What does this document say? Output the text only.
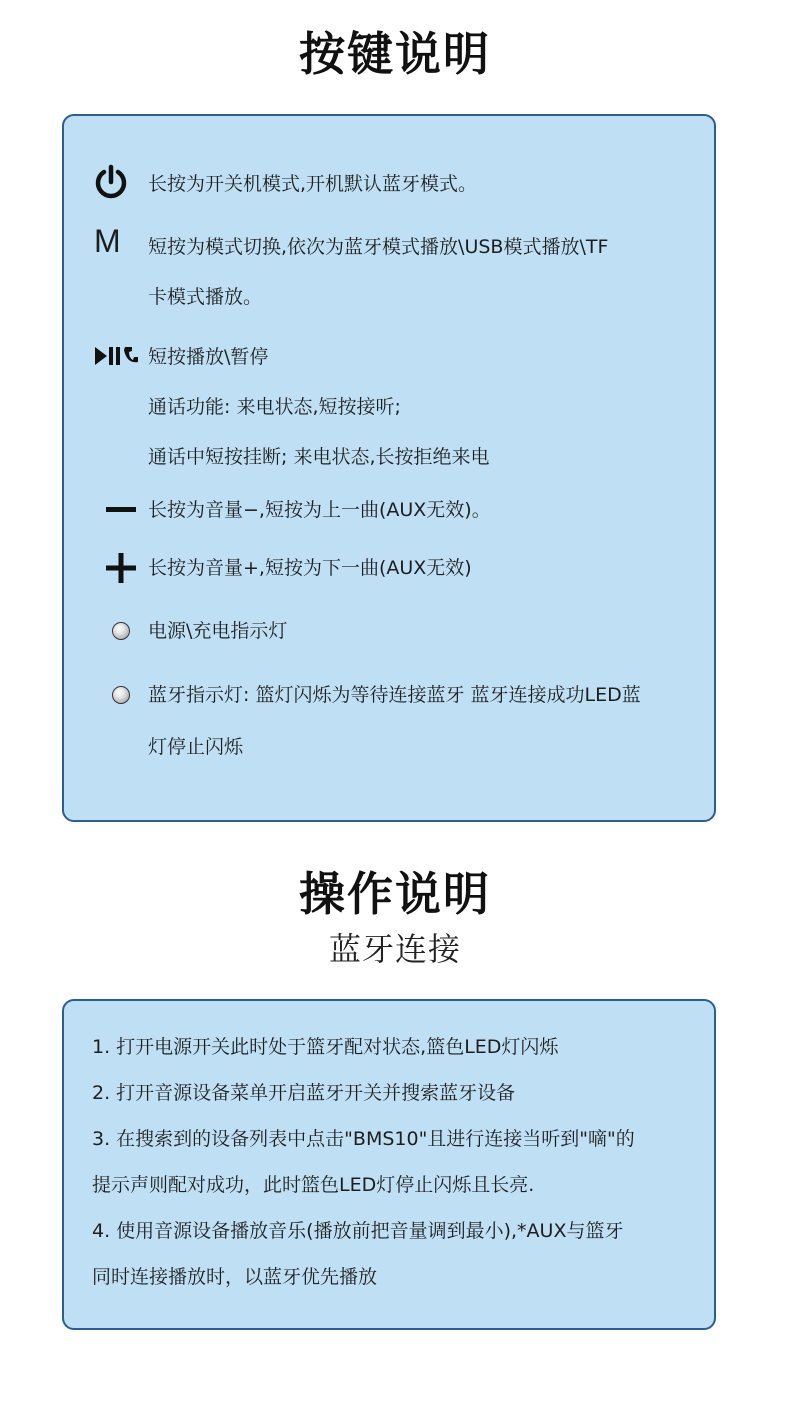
按键说明
长按为开关机模式,开机默认蓝牙模式。
M 短按为模式切换,依次为蓝牙模式播放\USB模式播放\TF
卡模式播放。
短按播放\暂停
通话功能: 来电状态,短按接听;
通话中短按挂断; 来电状态,长按拒绝来电
长按为音量−,短按为上一曲(AUX无效)。
长按为音量+,短按为下一曲(AUX无效)
电源\充电指示灯
蓝牙指示灯: 篮灯闪烁为等待连接蓝牙 蓝牙连接成功LED蓝
灯停止闪烁
操作说明
蓝牙连接
1. 打开电源开关此时处于篮牙配对状态,篮色LED灯闪烁
2. 打开音源设备菜单开启蓝牙开关并搜索蓝牙设备
3. 在搜索到的设备列表中点击"BMS10"且进行连接当听到"嘀"的
提示声则配对成功，此时篮色LED灯停止闪烁且长亮.
4. 使用音源设备播放音乐(播放前把音量调到最小),*AUX与篮牙
同时连接播放时，以蓝牙优先播放
